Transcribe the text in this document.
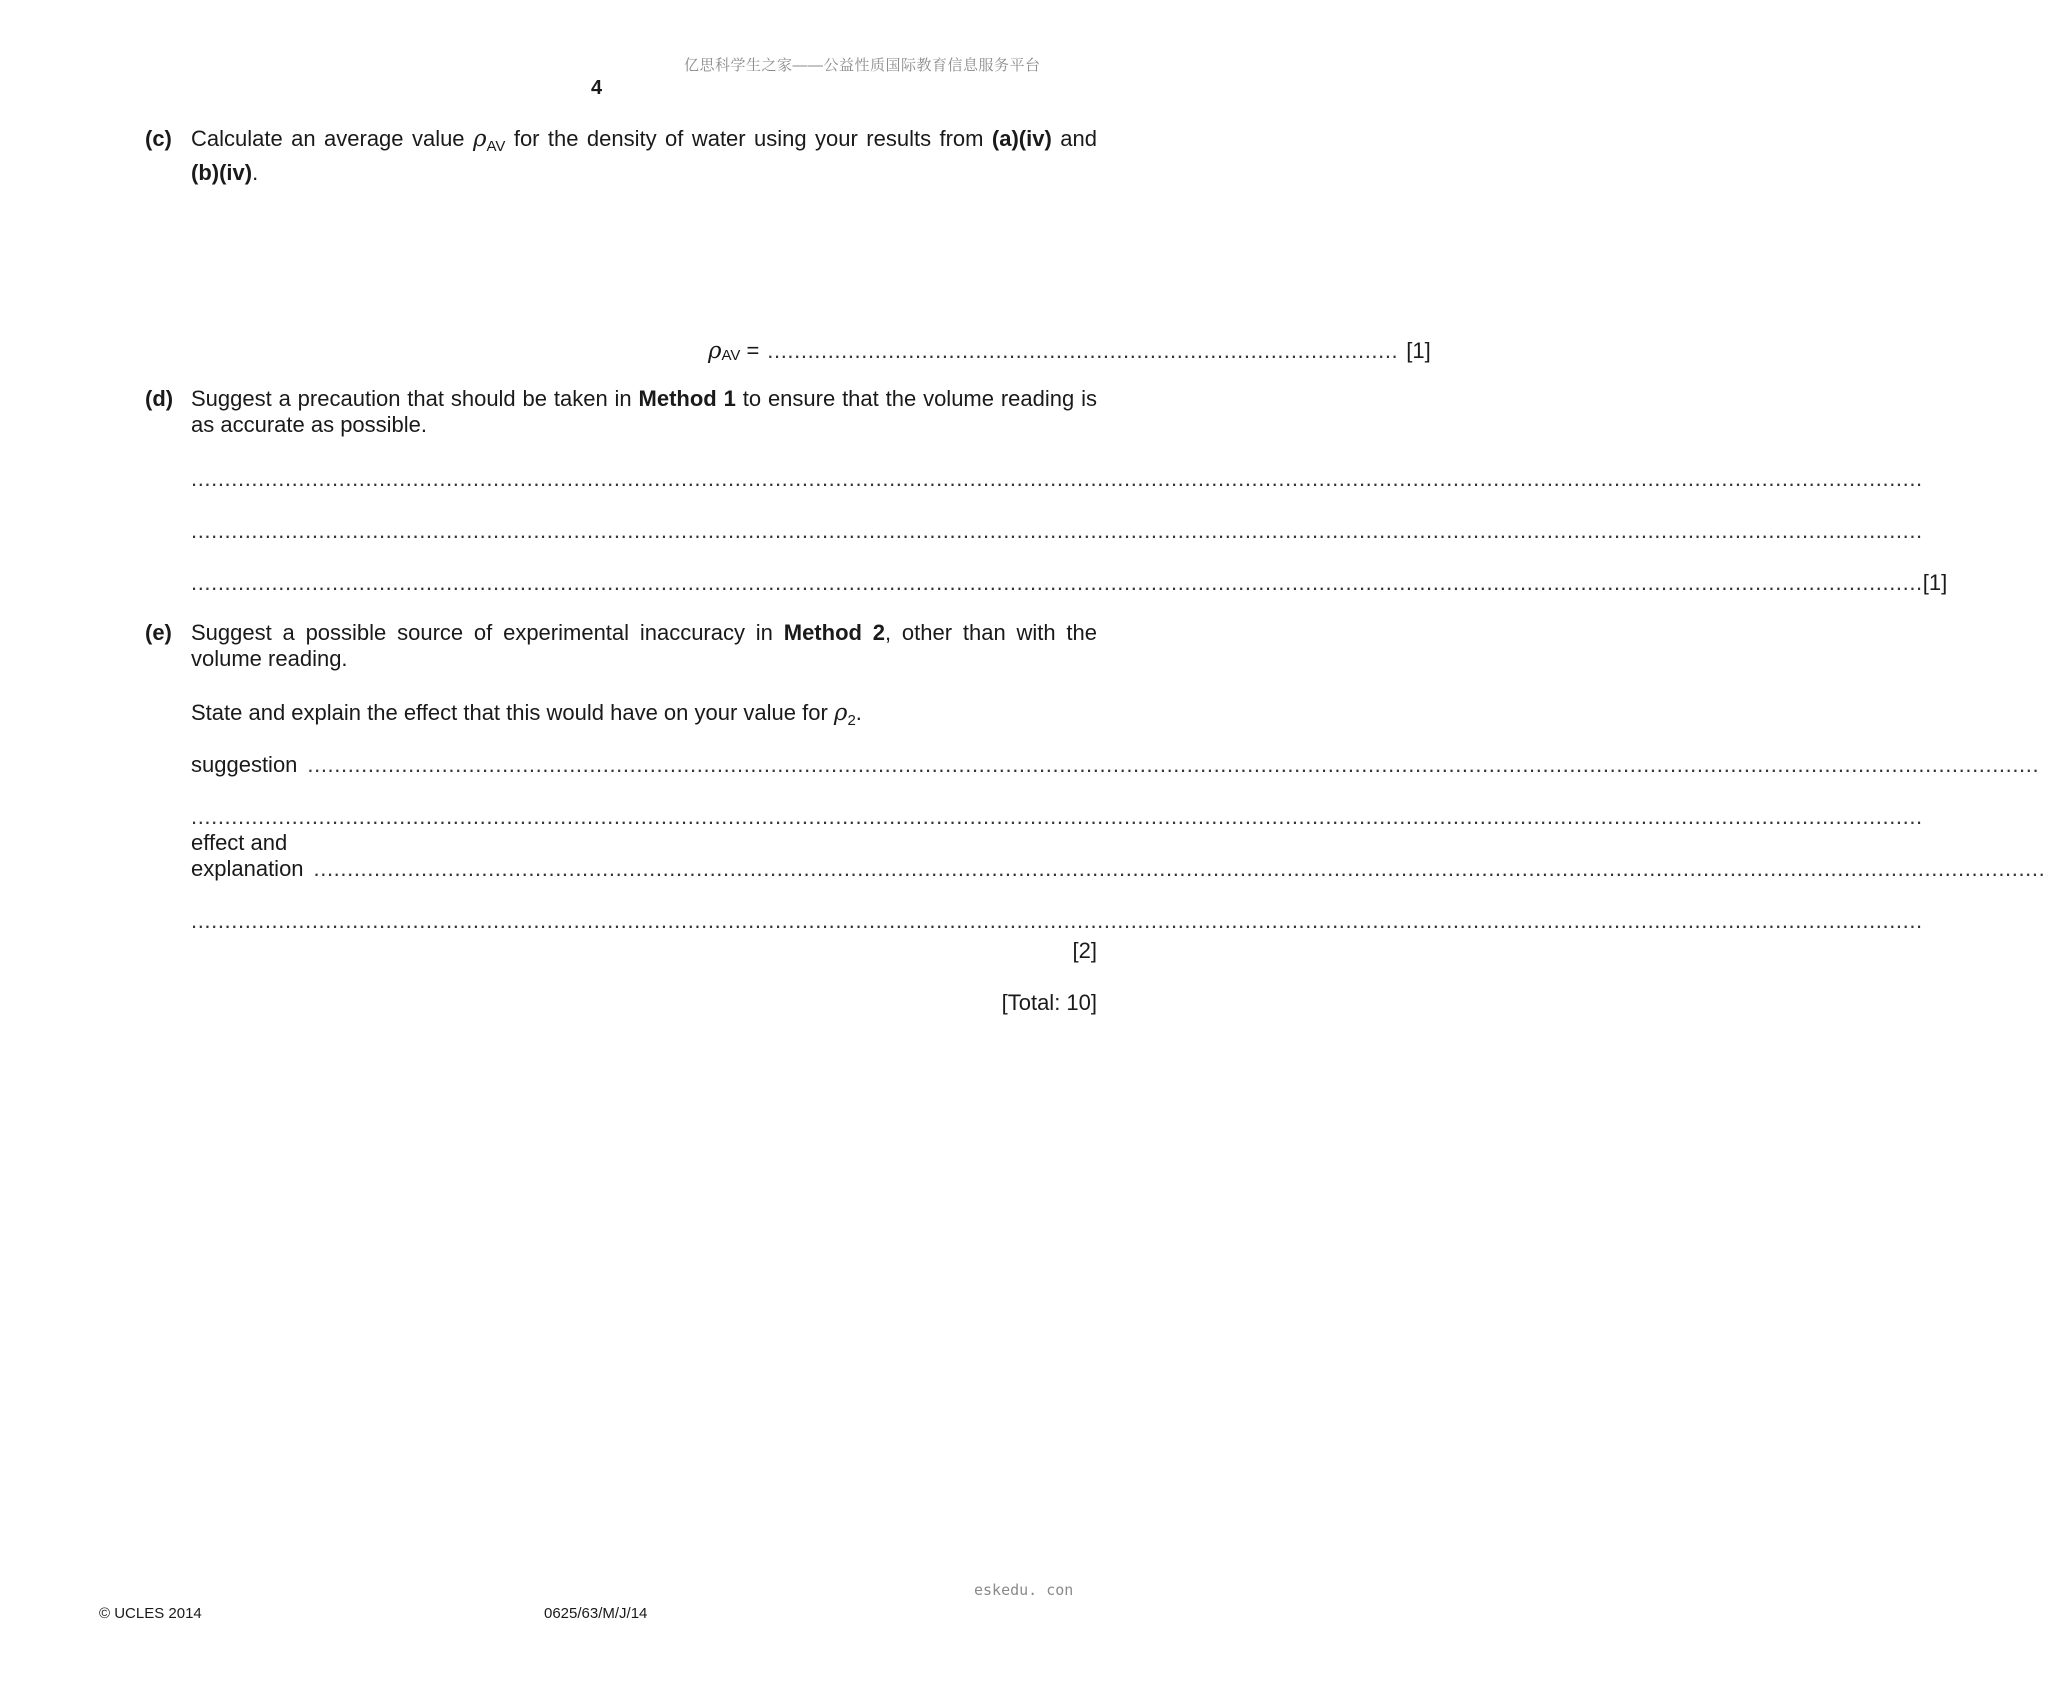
亿思科学生之家——公益性质国际教育信息服务平台
4
(c) Calculate an average value $\rho_{AV}$ for the density of water using your results from (a)(iv) and
(b)(iv).
$\rho_{AV}$ = .............................................................................................. [1]
(d) Suggest a precaution that should be taken in Method 1 to ensure that the volume reading is
as accurate as possible.
..................................................................................................................................................................................................................................................................
..................................................................................................................................................................................................................................................................
.................................................................................................................................................................................................................................................................. [1]
(e) Suggest a possible source of experimental inaccuracy in Method 2, other than with the
volume reading.
State and explain the effect that this would have on your value for $\rho_2$.
suggestion ..................................................................................................................................................................................................................................................................
..................................................................................................................................................................................................................................................................
effect and explanation ..................................................................................................................................................................................................................................................................
..................................................................................................................................................................................................................................................................
[2]
[Total: 10]
eskedu. con
© UCLES 2014	0625/63/M/J/14
